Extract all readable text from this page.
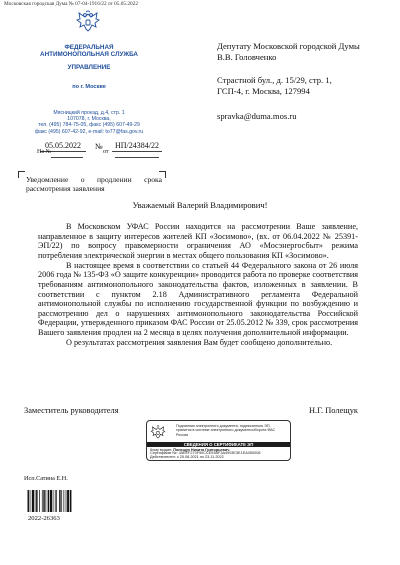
Московская городская Дума № 07-04-1916/22 от 05.05.2022
ФЕДЕРАЛЬНАЯ
АНТИМОНОПОЛЬНАЯ СЛУЖБА
УПРАВЛЕНИЕ
по г. Москве
Мясницкий проезд, д.4, стр. 1
107078, г. Москва,
тел. (495) 784-75-05, факс (495) 607-49-29
факс (495) 607-42-92, e-mail: to77@fas.gov.ru
05.05.2022	№	НП/24384/22
На №	от
Уведомление о продлении срока рассмотрения заявления
Депутату Московской городской Думы
В.В. Головченко
Страстной бул., д. 15/29, стр. 1,
ГСП-4, г. Москва, 127994
spravka@duma.mos.ru
Уважаемый Валерий Владимирович!

В Московском УФАС России находится на рассмотрении Ваше заявление, направленное в защиту интересов жителей КП «Зосимово», (вх. от 06.04.2022 № 25391-ЭП/22) по вопросу правомерности ограничения АО «Мосэнергосбыт» режима потребления электрической энергии в местах общего пользования КП «Зосимово».

В настоящее время в соответствии со статьей 44 Федерального закона от 26 июля 2006 года № 135-ФЗ «О защите конкуренции» проводится работа по проверке соответствия требованиям антимонопольного законодательства фактов, изложенных в заявлении. В соответствии с пунктом 2.18 Административного регламента Федеральной антимонопольной службы по исполнению государственной функции по возбуждению и рассмотрению дел о нарушениях антимонопольного законодательства Российской Федерации, утвержденного приказом ФАС России от 25.05.2012 № 339, срок рассмотрения Вашего заявления продлен на 2 месяца в целях получения дополнительной информации.

О результатах рассмотрения заявления Вам будет сообщено дополнительно.

Заместитель руководителя	Н.Г. Полещук
Подлинник электронного документа, подписанного ЭП, хранится в системе электронного документооборота ФАС России
СВЕДЕНИЯ О СЕРТИФИКАТЕ ЭП
Кому выдан: Полещук Никита Григорьевич
Сертификат №: 45EEF270F90CCE93BF3A4903E3E1EA050008
Действителен: с 25.08.2021 по 23.11.2022
Исп.Сатина Е.Н.
2022-26363
